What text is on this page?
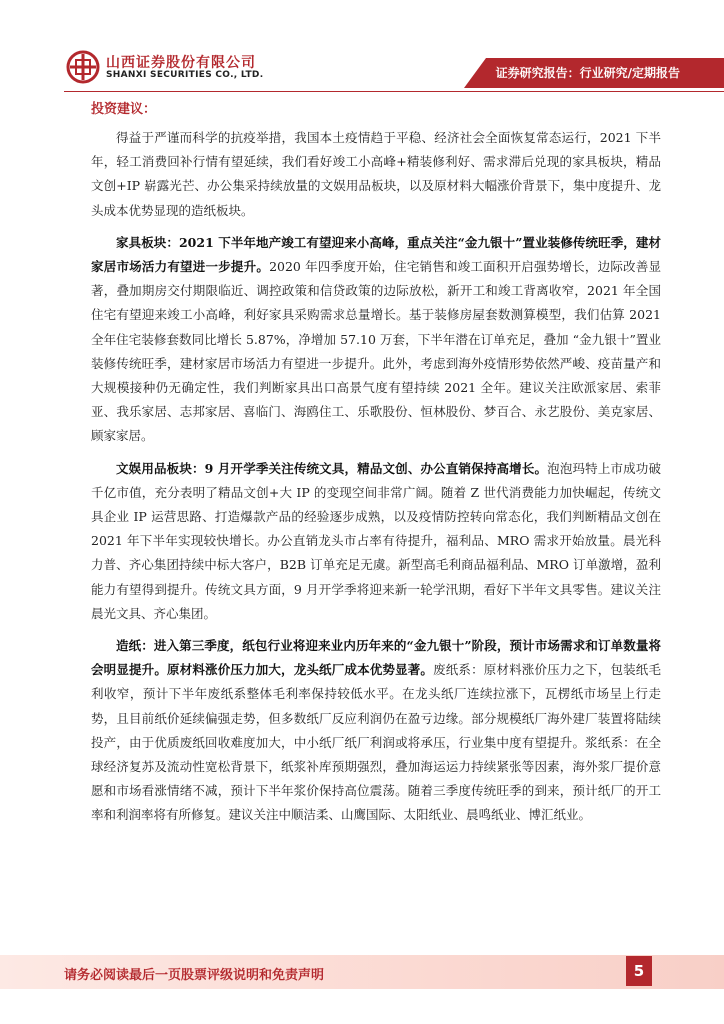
山西证券股份有限公司
SHANXI SECURITIES CO., LTD.	证券研究报告：行业研究/定期报告
投资建议：

得益于严谨而科学的抗疫举措，我国本土疫情趋于平稳、经济社会全面恢复常态运行，2021 下半年，轻工消费回补行情有望延续，我们看好竣工小高峰+精装修利好、需求滞后兑现的家具板块，精品文创+IP 崭露光芒、办公集采持续放量的文娱用品板块，以及原材料大幅涨价背景下，集中度提升、龙头成本优势显现的造纸板块。

家具板块：2021 下半年地产竣工有望迎来小高峰，重点关注“金九银十”置业装修传统旺季，建材家居市场活力有望进一步提升。2020 年四季度开始，住宅销售和竣工面积开启强势增长，边际改善显著，叠加期房交付期限临近、调控政策和信贷政策的边际放松，新开工和竣工背离收窄，2021 年全国住宅有望迎来竣工小高峰，利好家具采购需求总量增长。基于装修房屋套数测算模型，我们估算 2021 全年住宅装修套数同比增长 5.87%，净增加 57.10 万套，下半年潜在订单充足，叠加 “金九银十”置业装修传统旺季，建材家居市场活力有望进一步提升。此外，考虑到海外疫情形势依然严峻、疫苗量产和大规模接种仍无确定性，我们判断家具出口高景气度有望持续 2021 全年。建议关注欧派家居、索菲亚、我乐家居、志邦家居、喜临门、海鸥住工、乐歌股份、恒林股份、梦百合、永艺股份、美克家居、顾家家居。

文娱用品板块：9 月开学季关注传统文具，精品文创、办公直销保持高增长。泡泡玛特上市成功破千亿市值，充分表明了精品文创+大 IP 的变现空间非常广阔。随着 Z 世代消费能力加快崛起，传统文具企业 IP 运营思路、打造爆款产品的经验逐步成熟，以及疫情防控转向常态化，我们判断精品文创在 2021 年下半年实现较快增长。办公直销龙头市占率有待提升，福利品、MRO 需求开始放量。晨光科力普、齐心集团持续中标大客户，B2B 订单充足无虞。新型高毛利商品福利品、MRO 订单激增，盈利能力有望得到提升。传统文具方面，9 月开学季将迎来新一轮学汛期，看好下半年文具零售。建议关注晨光文具、齐心集团。

造纸：进入第三季度，纸包行业将迎来业内历年来的“金九银十”阶段，预计市场需求和订单数量将会明显提升。原材料涨价压力加大，龙头纸厂成本优势显著。废纸系：原材料涨价压力之下，包装纸毛利收窄，预计下半年废纸系整体毛利率保持较低水平。在龙头纸厂连续拉涨下，瓦楞纸市场呈上行走势，且目前纸价延续偏强走势，但多数纸厂反应利润仍在盈亏边缘。部分规模纸厂海外建厂装置将陆续投产，由于优质废纸回收难度加大，中小纸厂纸厂利润或将承压，行业集中度有望提升。浆纸系：在全球经济复苏及流动性宽松背景下，纸浆补库预期强烈，叠加海运运力持续紧张等因素，海外浆厂提价意愿和市场看涨情绪不减，预计下半年浆价保持高位震荡。随着三季度传统旺季的到来，预计纸厂的开工率和利润率将有所修复。建议关注中顺洁柔、山鹰国际、太阳纸业、晨鸣纸业、博汇纸业。

请务必阅读最后一页股票评级说明和免责声明	5
